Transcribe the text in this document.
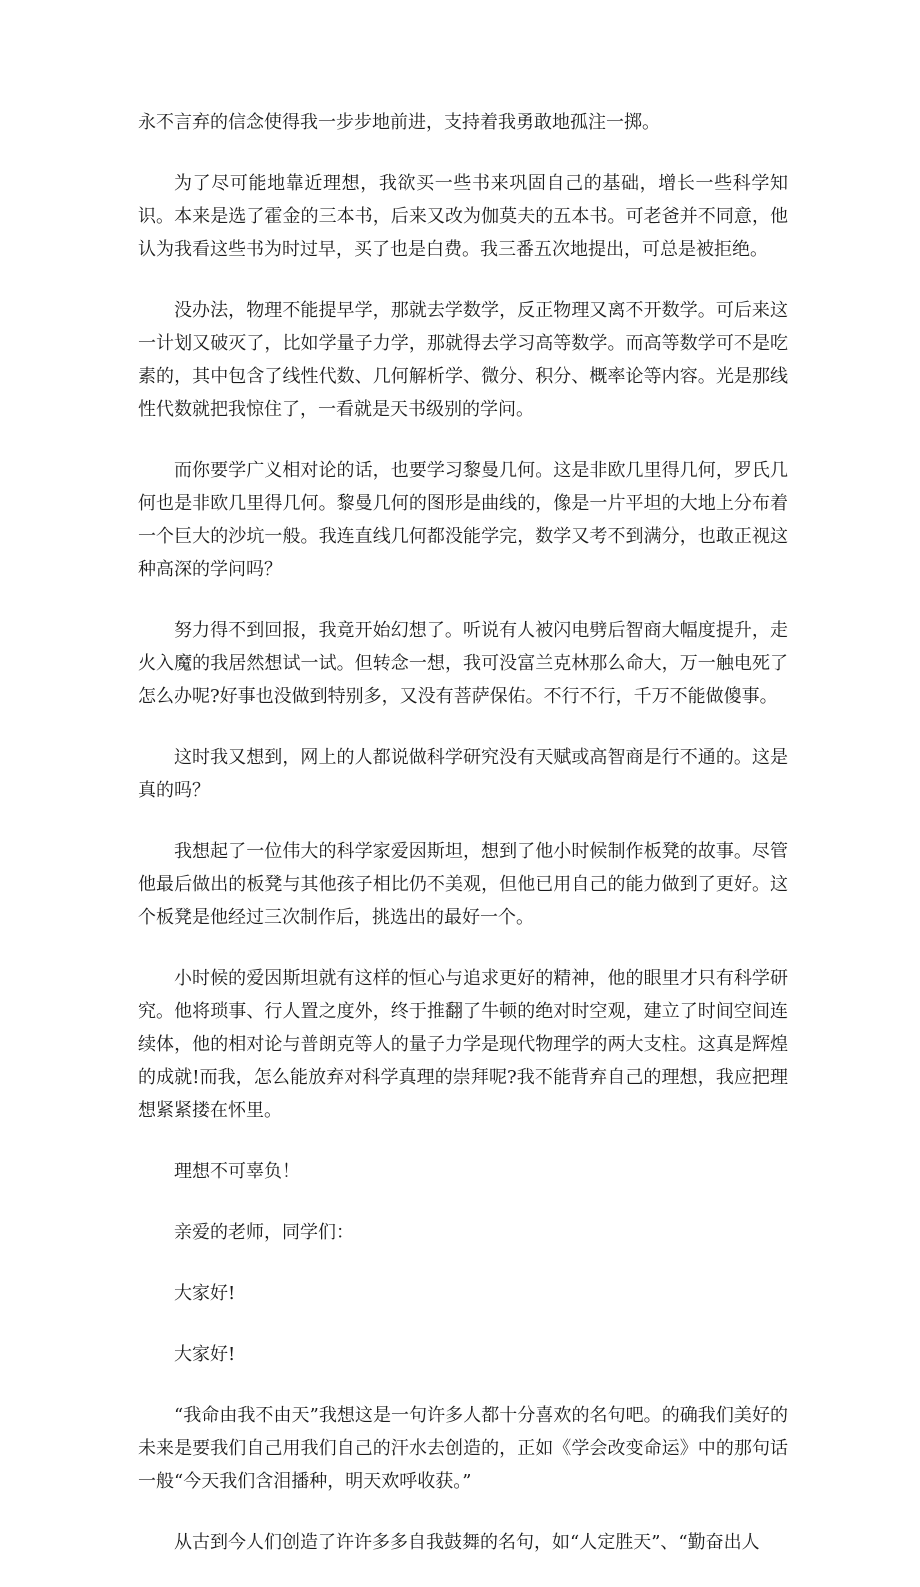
永不言弃的信念使得我一步步地前进，支持着我勇敢地孤注一掷。

为了尽可能地靠近理想，我欲买一些书来巩固自己的基础，增长一些科学知识。本来是选了霍金的三本书，后来又改为伽莫夫的五本书。可老爸并不同意，他认为我看这些书为时过早，买了也是白费。我三番五次地提出，可总是被拒绝。

没办法，物理不能提早学，那就去学数学，反正物理又离不开数学。可后来这一计划又破灭了，比如学量子力学，那就得去学习高等数学。而高等数学可不是吃素的，其中包含了线性代数、几何解析学、微分、积分、概率论等内容。光是那线性代数就把我惊住了，一看就是天书级别的学问。

而你要学广义相对论的话，也要学习黎曼几何。这是非欧几里得几何，罗氏几何也是非欧几里得几何。黎曼几何的图形是曲线的，像是一片平坦的大地上分布着一个巨大的沙坑一般。我连直线几何都没能学完，数学又考不到满分，也敢正视这种高深的学问吗？

努力得不到回报，我竟开始幻想了。听说有人被闪电劈后智商大幅度提升，走火入魔的我居然想试一试。但转念一想，我可没富兰克林那么命大，万一触电死了怎么办呢?好事也没做到特别多，又没有菩萨保佑。不行不行，千万不能做傻事。

这时我又想到，网上的人都说做科学研究没有天赋或高智商是行不通的。这是真的吗？

我想起了一位伟大的科学家爱因斯坦，想到了他小时候制作板凳的故事。尽管他最后做出的板凳与其他孩子相比仍不美观，但他已用自己的能力做到了更好。这个板凳是他经过三次制作后，挑选出的最好一个。

小时候的爱因斯坦就有这样的恒心与追求更好的精神，他的眼里才只有科学研究。他将琐事、行人置之度外，终于推翻了牛顿的绝对时空观，建立了时间空间连续体，他的相对论与普朗克等人的量子力学是现代物理学的两大支柱。这真是辉煌的成就!而我，怎么能放弃对科学真理的崇拜呢?我不能背弃自己的理想，我应把理想紧紧搂在怀里。

理想不可辜负！

亲爱的老师，同学们：

大家好!

大家好!

“我命由我不由天”我想这是一句许多人都十分喜欢的名句吧。的确我们美好的未来是要我们自己用我们自己的汗水去创造的，正如《学会改变命运》中的那句话一般“今天我们含泪播种，明天欢呼收获。”

从古到今人们创造了许许多多自我鼓舞的名句，如“人定胜天”、“勤奋出人
